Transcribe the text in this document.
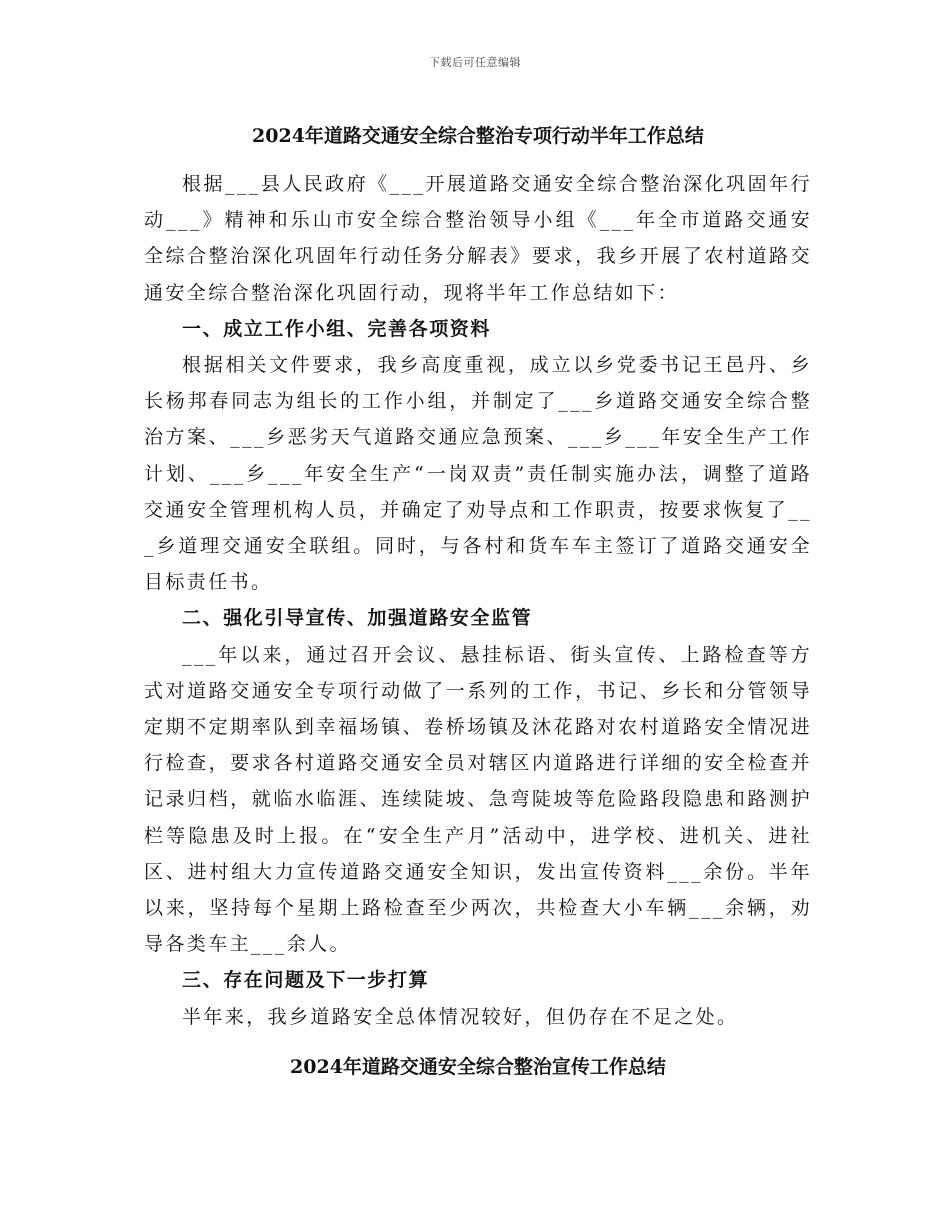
下载后可任意编辑
2024年道路交通安全综合整治专项行动半年工作总结

根据___县人民政府《___开展道路交通安全综合整治深化巩固年行动___》精神和乐山市安全综合整治领导小组《___年全市道路交通安全综合整治深化巩固年行动任务分解表》要求，我乡开展了农村道路交通安全综合整治深化巩固行动，现将半年工作总结如下：

一、成立工作小组、完善各项资料

根据相关文件要求，我乡高度重视，成立以乡党委书记王邑丹、乡长杨邦春同志为组长的工作小组，并制定了___乡道路交通安全综合整治方案、___乡恶劣天气道路交通应急预案、___乡___年安全生产工作计划、___乡___年安全生产“一岗双责”责任制实施办法，调整了道路交通安全管理机构人员，并确定了劝导点和工作职责，按要求恢复了___乡道理交通安全联组。同时，与各村和货车车主签订了道路交通安全目标责任书。

二、强化引导宣传、加强道路安全监管

___年以来，通过召开会议、悬挂标语、街头宣传、上路检查等方式对道路交通安全专项行动做了一系列的工作，书记、乡长和分管领导定期不定期率队到幸福场镇、卷桥场镇及沐花路对农村道路安全情况进行检查，要求各村道路交通安全员对辖区内道路进行详细的安全检查并记录归档，就临水临涯、连续陡坡、急弯陡坡等危险路段隐患和路测护栏等隐患及时上报。在“安全生产月”活动中，进学校、进机关、进社区、进村组大力宣传道路交通安全知识，发出宣传资料___余份。半年以来，坚持每个星期上路检查至少两次，共检查大小车辆___余辆，劝导各类车主___余人。

三、存在问题及下一步打算

半年来，我乡道路安全总体情况较好，但仍存在不足之处。

2024年道路交通安全综合整治宣传工作总结
